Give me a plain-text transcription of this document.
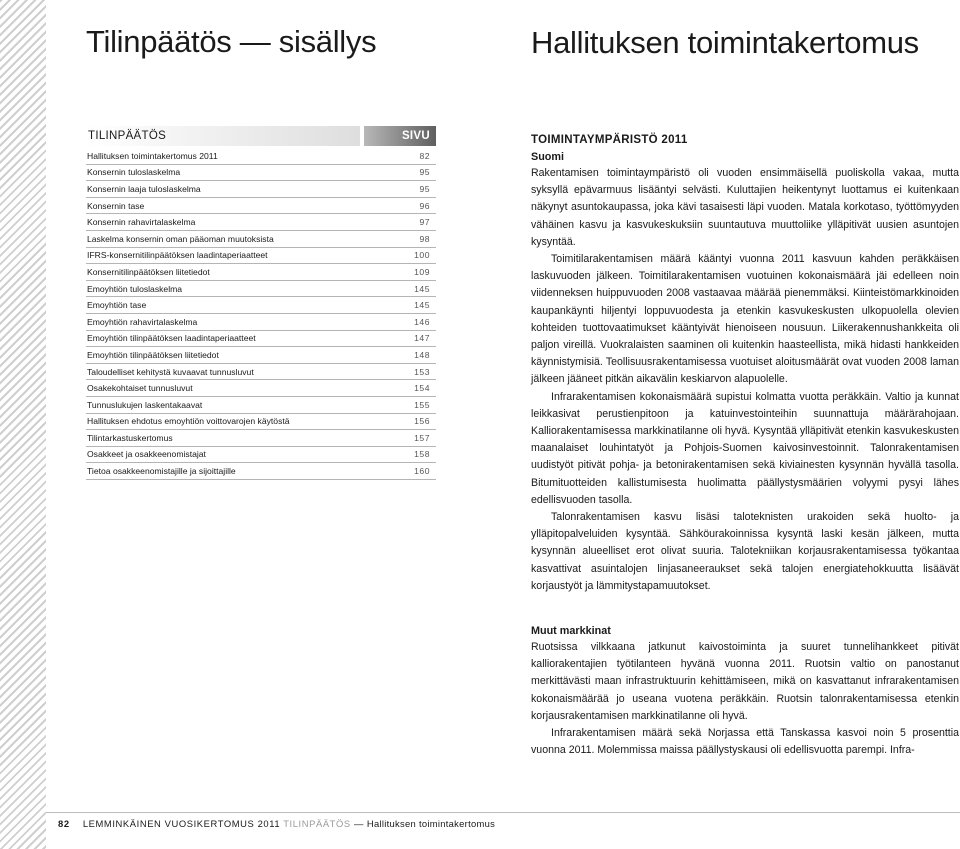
Tilinpäätös — sisällys	Hallituksen toimintakertomus
TILINPÄÄTÖS	SIVU
Hallituksen toimintakertomus 2011	82
Konsernin tuloslaskelma	95
Konsernin laaja tuloslaskelma	95
Konsernin tase	96
Konsernin rahavirtalaskelma	97
Laskelma konsernin oman pääoman muutoksista	98
IFRS-konsernitilinpäätöksen laadintaperiaatteet	100
Konsernitilinpäätöksen liitetiedot	109
Emoyhtiön tuloslaskelma	145
Emoyhtiön tase	145
Emoyhtiön rahavirtalaskelma	146
Emoyhtiön tilinpäätöksen laadintaperiaatteet	147
Emoyhtiön tilinpäätöksen liitetiedot	148
Taloudelliset kehitystä kuvaavat tunnusluvut	153
Osakekohtaiset tunnusluvut	154
Tunnuslukujen laskentakaavat	155
Hallituksen ehdotus emoyhtiön voittovarojen käytöstä	156
Tilintarkastuskertomus	157
Osakkeet ja osakkeenomistajat	158
Tietoa osakkeenomistajille ja sijoittajille	160
TOIMINTAYMPÄRISTÖ 2011
Suomi

Rakentamisen toimintaympäristö oli vuoden ensimmäisellä puoliskolla vakaa, mutta syksyllä epävarmuus lisääntyi selvästi. Kuluttajien heikentynyt luottamus ei kuitenkaan näkynyt asuntokaupassa, joka kävi tasaisesti läpi vuoden. Matala korkotaso, työttömyyden vähäinen kasvu ja kasvukeskuksiin suuntautuva muuttoliike ylläpitivät uusien asuntojen kysyntää.

Toimitilarakentamisen määrä kääntyi vuonna 2011 kasvuun kahden peräkkäisen laskuvuoden jälkeen. Toimitilarakentamisen vuotuinen kokonaismäärä jäi edelleen noin viidenneksen huippuvuoden 2008 vastaavaa määrää pienemmäksi. Kiinteistömarkkinoiden kaupankäynti hiljentyi loppuvuodesta ja etenkin kasvukeskusten ulkopuolella olevien kohteiden tuottovaatimukset kääntyivät hienoiseen nousuun. Liikerakennushankkeita oli paljon vireillä. Vuokralaisten saaminen oli kuitenkin haasteellista, mikä hidasti hankkeiden käynnistymisiä. Teollisuusrakentamisessa vuotuiset aloitusmäärät ovat vuoden 2008 laman jälkeen jääneet pitkän aikavälin keskiarvon alapuolelle.

Infrarakentamisen kokonaismäärä supistui kolmatta vuotta peräkkäin. Valtio ja kunnat leikkasivat perustienpitoon ja katuinvestointeihin suunnattuja määrärahojaan. Kalliorakentamisessa markkinatilanne oli hyvä. Kysyntää ylläpitivät etenkin kasvukeskusten maanalaiset louhintatyöt ja Pohjois-Suomen kaivosinvestoinnit. Talonrakentamisen uudistyöt pitivät pohja- ja betonirakentamisen sekä kiviainesten kysynnän hyvällä tasolla. Bitumituotteiden kallistumisesta huolimatta päällystysmäärien volyymi pysyi lähes edellisvuoden tasolla.

Talonrakentamisen kasvu lisäsi taloteknisten urakoiden sekä huolto- ja ylläpitopalveluiden kysyntää. Sähköurakoinnissa kysyntä laski kesän jälkeen, mutta kysynnän alueelliset erot olivat suuria. Talotekniikan korjausrakentamisessa työkantaa kasvattivat asuintalojen linjasaneeraukset sekä talojen energiatehokkuutta lisäävät korjaustyöt ja lämmitystapamuutokset.

Muut markkinat

Ruotsissa vilkkaana jatkunut kaivostoiminta ja suuret tunnelihankkeet pitivät kalliorakentajien työtilanteen hyvänä vuonna 2011. Ruotsin valtio on panostanut merkittävästi maan infrastruktuurin kehittämiseen, mikä on kasvattanut infrarakentamisen kokonaismäärää jo useana vuotena peräkkäin. Ruotsin talonrakentamisessa etenkin korjausrakentamisen markkinatilanne oli hyvä.

Infrarakentamisen määrä sekä Norjassa että Tanskassa kasvoi noin 5 prosenttia vuonna 2011. Molemmissa maissa päällystyskausi oli edellisvuotta parempi. Infra-

82 LEMMINKÄINEN VUOSIKERTOMUS 2011 TILINPÄÄTÖS — Hallituksen toimintakertomus
